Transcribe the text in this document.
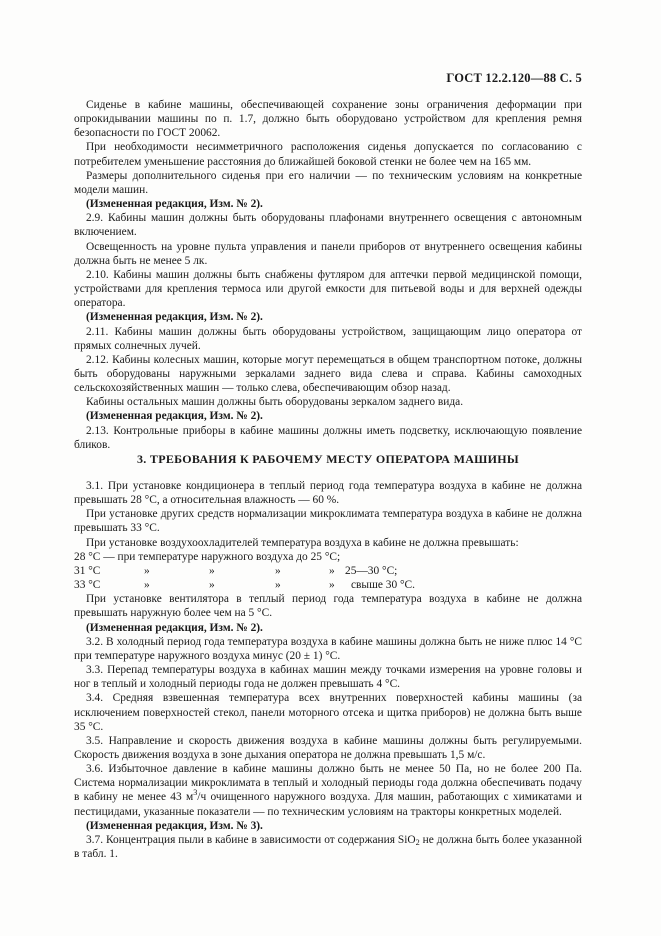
ГОСТ 12.2.120—88 С. 5

Сиденье в кабине машины, обеспечивающей сохранение зоны ограничения деформации при опрокидывании машины по п. 1.7, должно быть оборудовано устройством для крепления ремня безопасности по ГОСТ 20062.

При необходимости несимметричного расположения сиденья допускается по согласованию с потребителем уменьшение расстояния до ближайшей боковой стенки не более чем на 165 мм.

Размеры дополнительного сиденья при его наличии — по техническим условиям на конкретные модели машин.

(Измененная редакция, Изм. № 2).

2.9. Кабины машин должны быть оборудованы плафонами внутреннего освещения с автономным включением.

Освещенность на уровне пульта управления и панели приборов от внутреннего освещения кабины должна быть не менее 5 лк.

2.10. Кабины машин должны быть снабжены футляром для аптечки первой медицинской помощи, устройствами для крепления термоса или другой емкости для питьевой воды и для верхней одежды оператора.

(Измененная редакция, Изм. № 2).

2.11. Кабины машин должны быть оборудованы устройством, защищающим лицо оператора от прямых солнечных лучей.

2.12. Кабины колесных машин, которые могут перемещаться в общем транспортном потоке, должны быть оборудованы наружными зеркалами заднего вида слева и справа. Кабины самоходных сельскохозяйственных машин — только слева, обеспечивающим обзор назад.

Кабины остальных машин должны быть оборудованы зеркалом заднего вида.

(Измененная редакция, Изм. № 2).

2.13. Контрольные приборы в кабине машины должны иметь подсветку, исключающую появление бликов.

3. ТРЕБОВАНИЯ К РАБОЧЕМУ МЕСТУ ОПЕРАТОРА МАШИНЫ

3.1. При установке кондиционера в теплый период года температура воздуха в кабине не должна превышать 28 °С, а относительная влажность — 60 %.

При установке других средств нормализации микроклимата температура воздуха в кабине не должна превышать 33 °С.

При установке воздухоохладителей температура воздуха в кабине не должна превышать:

28 °С — при температуре наружного воздуха до 25 °С;
31 °С	»	»	»	» 25—30 °С;
33 °С	»	»	»	»	свыше 30 °С.

При установке вентилятора в теплый период года температура воздуха в кабине не должна превышать наружную более чем на 5 °С.

(Измененная редакция, Изм. № 2).

3.2. В холодный период года температура воздуха в кабине машины должна быть не ниже плюс 14 °С при температуре наружного воздуха минус (20 ± 1) °С.

3.3. Перепад температуры воздуха в кабинах машин между точками измерения на уровне головы и ног в теплый и холодный периоды года не должен превышать 4 °С.

3.4. Средняя взвешенная температура всех внутренних поверхностей кабины машины (за исключением поверхностей стекол, панели моторного отсека и щитка приборов) не должна быть выше 35 °С.

3.5. Направление и скорость движения воздуха в кабине машины должны быть регулируемыми. Скорость движения воздуха в зоне дыхания оператора не должна превышать 1,5 м/с.

3.6. Избыточное давление в кабине машины должно быть не менее 50 Па, но не более 200 Па. Система нормализации микроклимата в теплый и холодный периоды года должна обеспечивать подачу в кабину не менее 43 $м^3/ч$ очищенного наружного воздуха. Для машин, работающих с химикатами и пестицидами, указанные показатели — по техническим условиям на тракторы конкретных моделей.

(Измененная редакция, Изм. № 3).

3.7. Концентрация пыли в кабине в зависимости от содержания SiO$_2$ не должна быть более указанной в табл. 1.
